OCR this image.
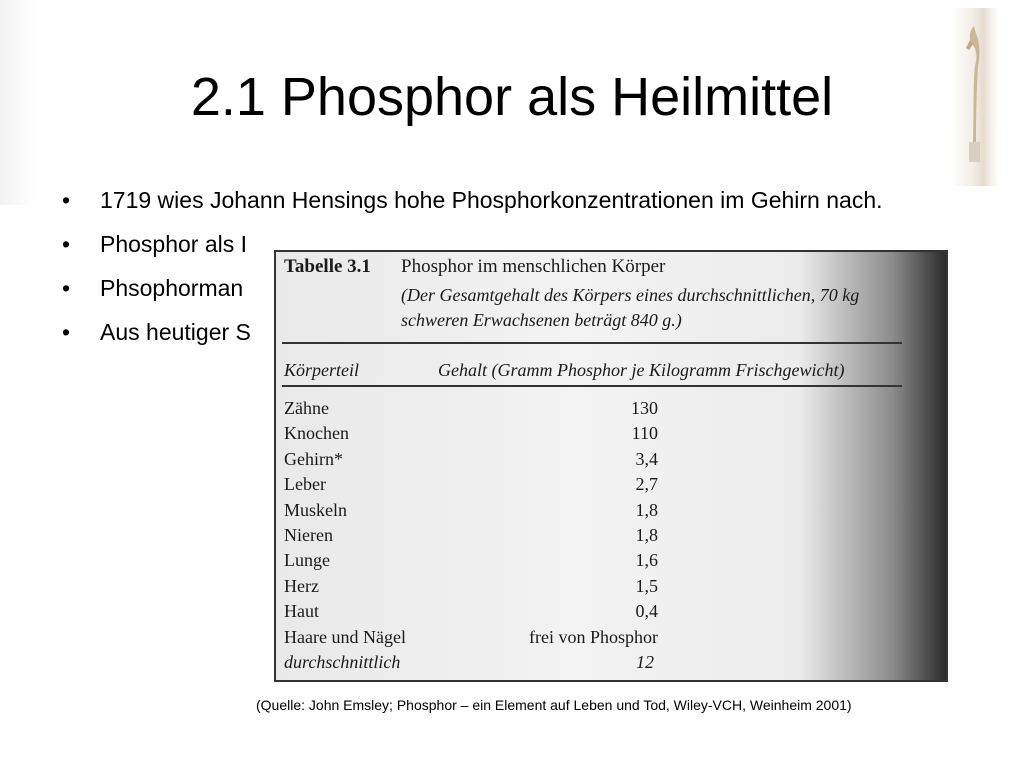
2.1 Phosphor als Heilmittel
• 1719 wies Johann Hensings hohe Phosphorkonzentrationen im Gehirn nach.
• Phosphor als I
• Phsophorman
• Aus heutiger S
Tabelle 3.1 Phosphor im menschlichen Körper
(Der Gesamtgehalt des Körpers eines durchschnittlichen, 70 kg schweren Erwachsenen beträgt 840 g.)
Körperteil	Gehalt (Gramm Phosphor je Kilogramm Frischgewicht)
Zähne	130
Knochen	110
Gehirn*	3,4
Leber	2,7
Muskeln	1,8
Nieren	1,8
Lunge	1,6
Herz	1,5
Haut	0,4
Haare und Nägel	frei von Phosphor
durchschnittlich	12
(Quelle: John Emsley; Phosphor – ein Element auf Leben und Tod, Wiley-VCH, Weinheim 2001)
